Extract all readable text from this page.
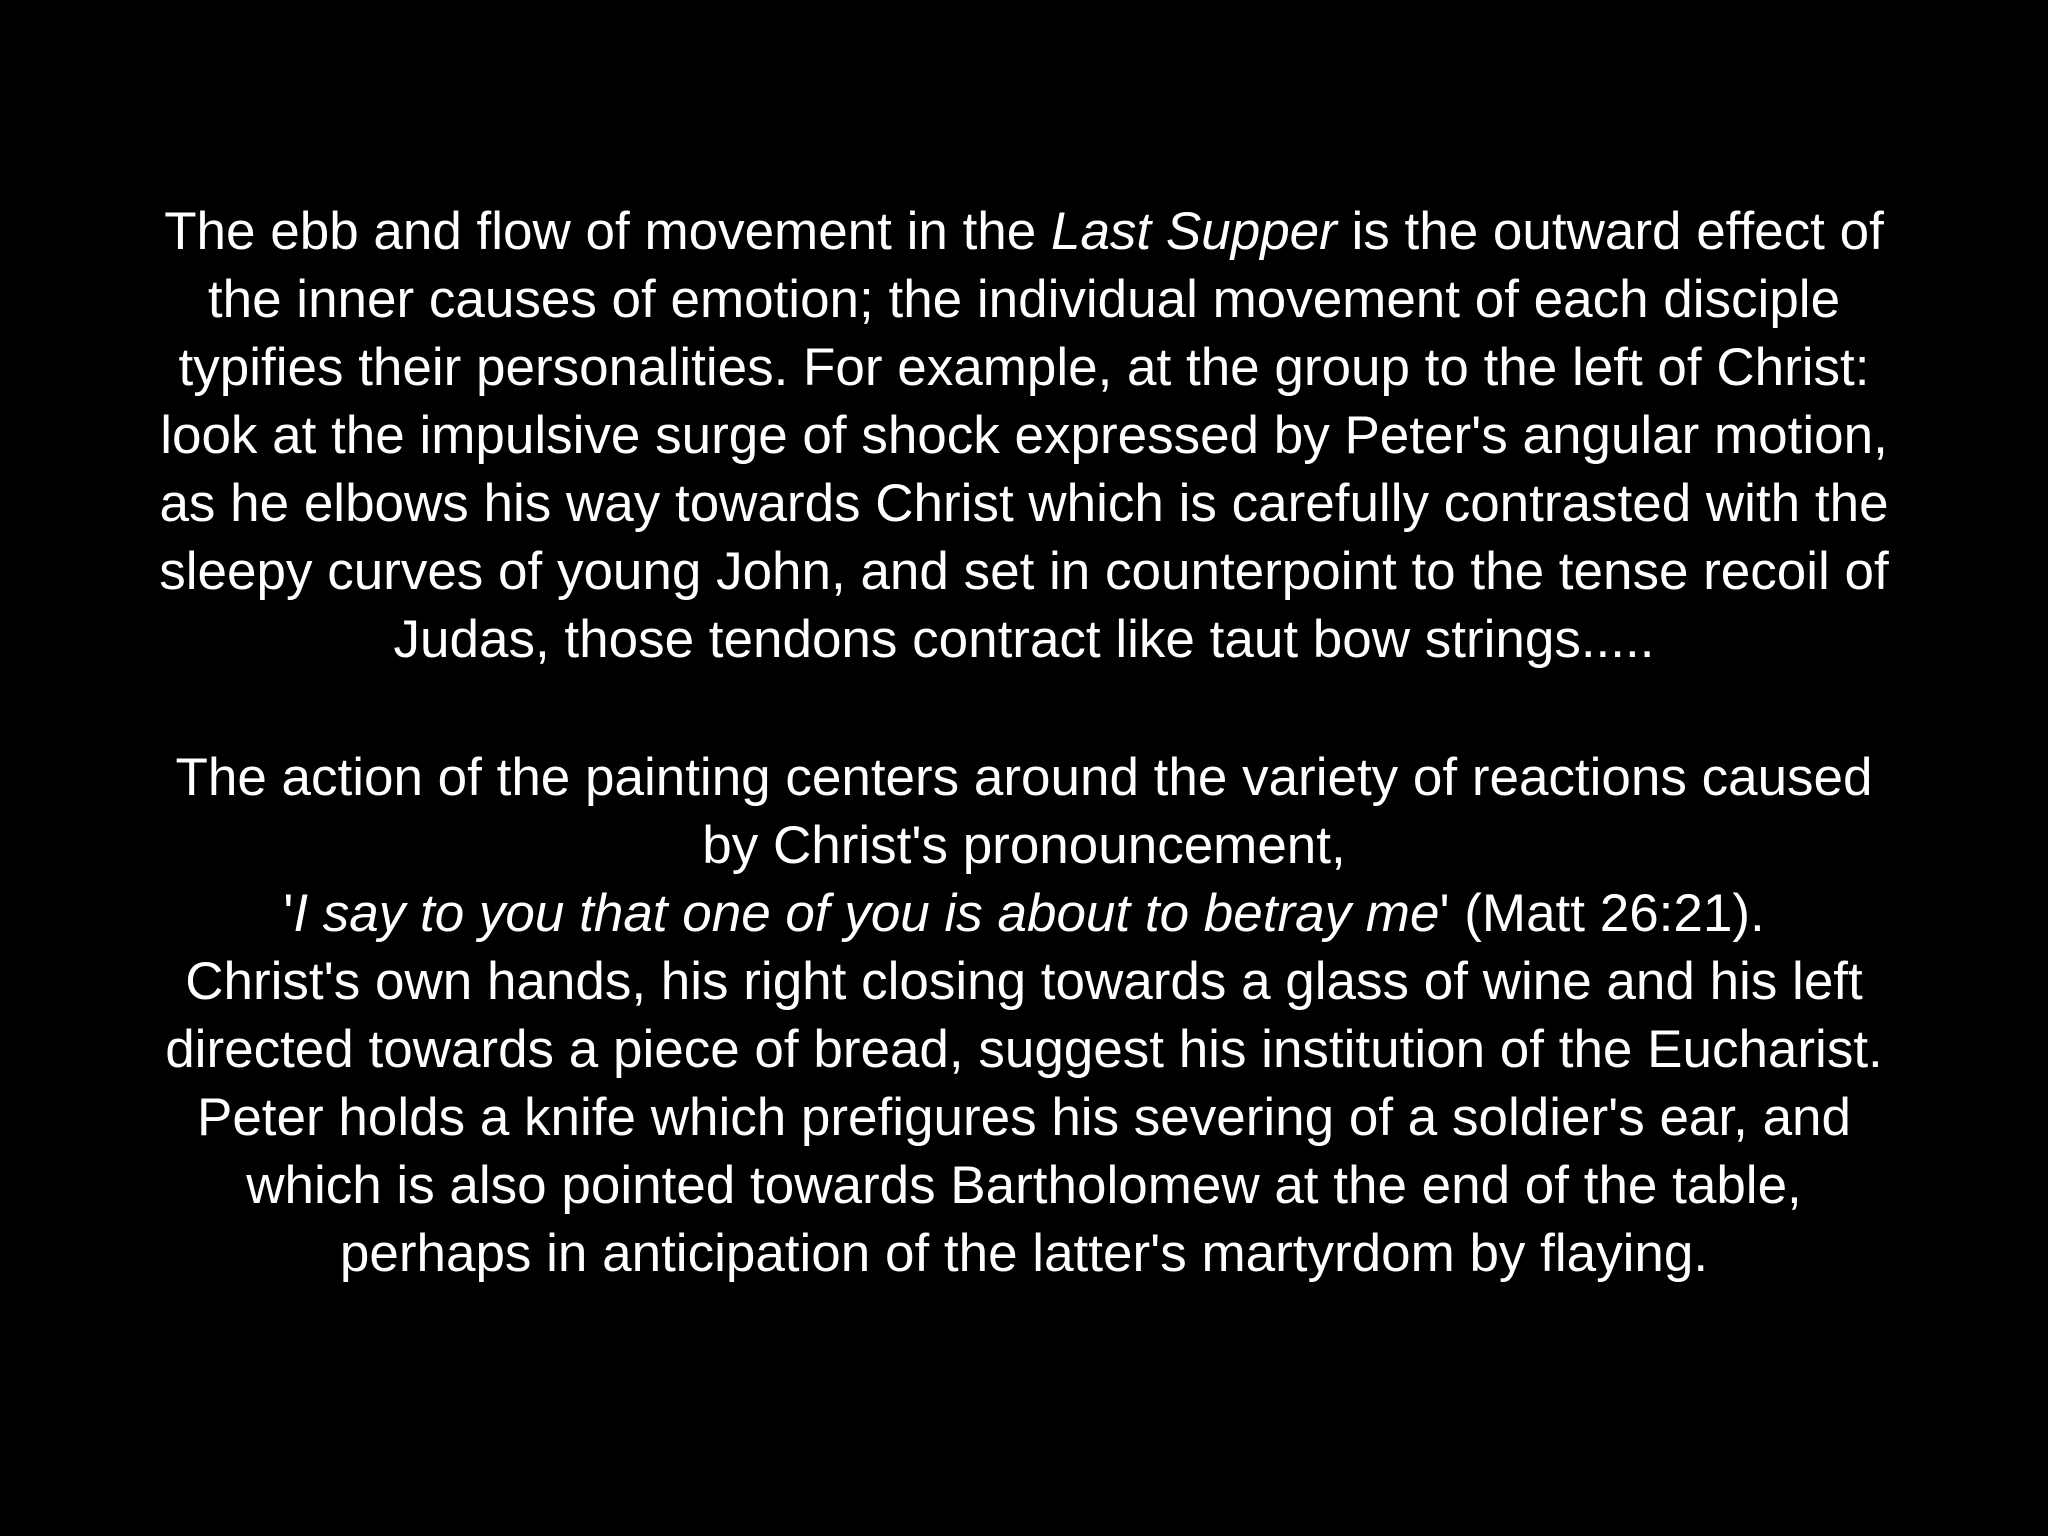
The ebb and flow of movement in the Last Supper is the outward effect of
the inner causes of emotion; the individual movement of each disciple
typifies their personalities. For example, at the group to the left of Christ:
look at the impulsive surge of shock expressed by Peter's angular motion,
as he elbows his way towards Christ which is carefully contrasted with the
sleepy curves of young John, and set in counterpoint to the tense recoil of
Judas, those tendons contract like taut bow strings.....
The action of the painting centers around the variety of reactions caused
by Christ's pronouncement,
'I say to you that one of you is about to betray me' (Matt 26:21).
Christ's own hands, his right closing towards a glass of wine and his left
directed towards a piece of bread, suggest his institution of the Eucharist.
Peter holds a knife which prefigures his severing of a soldier's ear, and
which is also pointed towards Bartholomew at the end of the table,
perhaps in anticipation of the latter's martyrdom by flaying.
